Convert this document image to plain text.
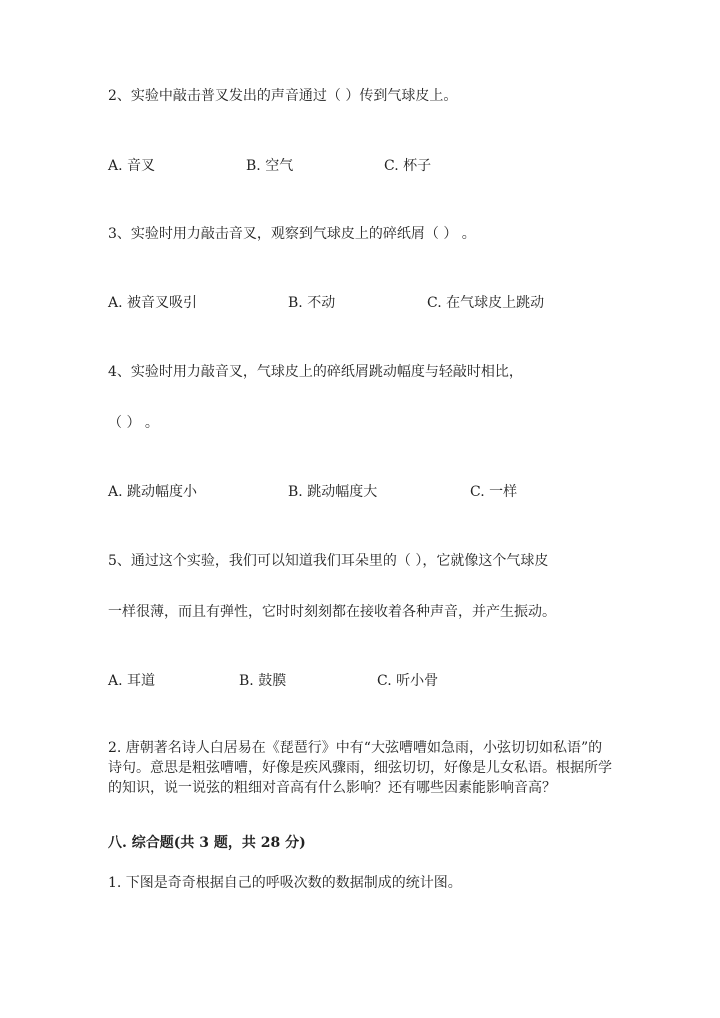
2、实验中敲击普叉发出的声音通过（ ）传到气球皮上。
A. 音叉	B. 空气	C. 杯子
3、实验时用力敲击音叉，观察到气球皮上的碎纸屑（ ） 。
A. 被音叉吸引	B. 不动	C. 在气球皮上跳动
4、实验时用力敲音叉，气球皮上的碎纸屑跳动幅度与轻敲时相比，
（ ） 。
A. 跳动幅度小	B. 跳动幅度大	C. 一样
5、通过这个实验，我们可以知道我们耳朵里的（ ），它就像这个气球皮
一样很薄，而且有弹性，它时时刻刻都在接收着各种声音，并产生振动。
A. 耳道	B. 鼓膜	C. 听小骨
2. 唐朝著名诗人白居易在《琵琶行》中有“大弦嘈嘈如急雨，小弦切切如私语”的诗句。意思是粗弦嘈嘈，好像是疾风骤雨，细弦切切，好像是儿女私语。根据所学的知识，说一说弦的粗细对音高有什么影响？还有哪些因素能影响音高？
八. 综合题(共 3 题，共 28 分)
1. 下图是奇奇根据自己的呼吸次数的数据制成的统计图。
